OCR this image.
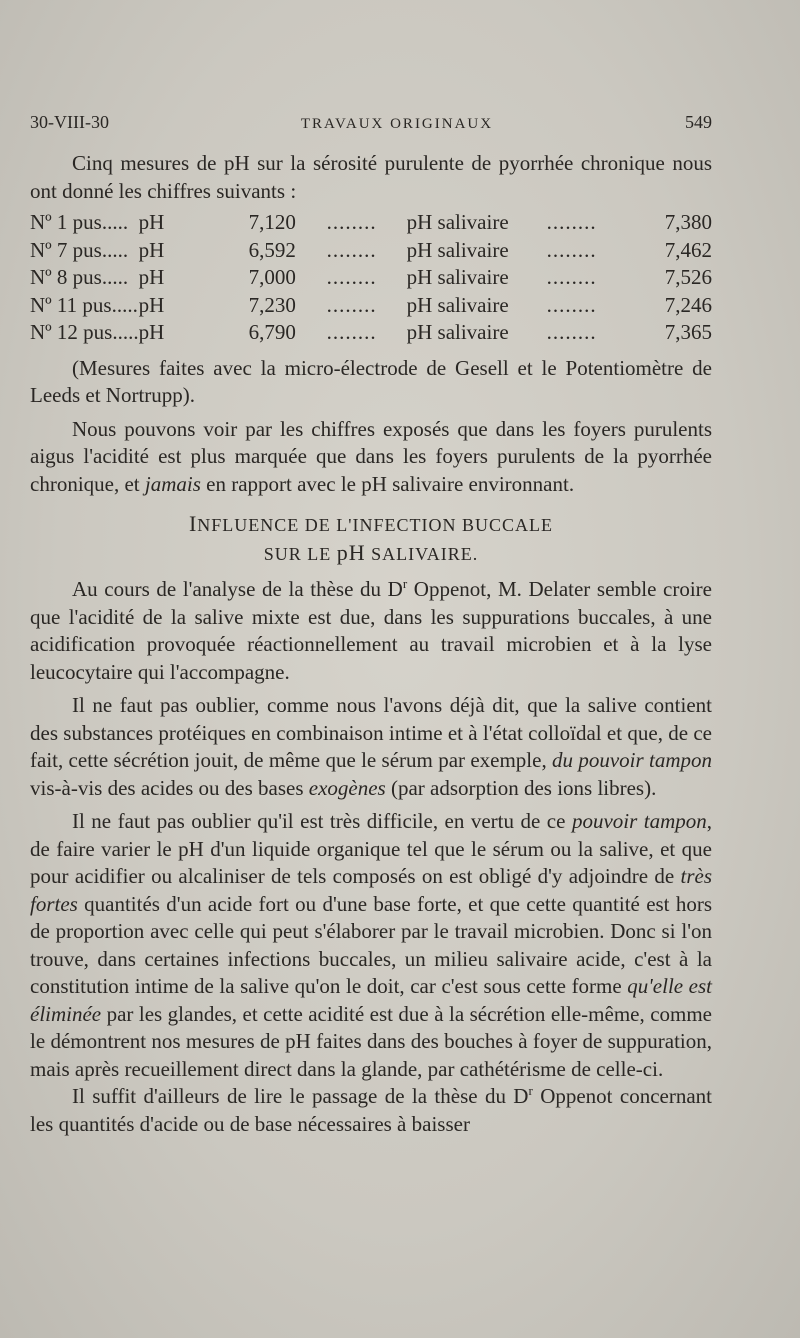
30-VIII-30	TRAVAUX ORIGINAUX	549

Cinq mesures de pH sur la sérosité purulente de pyorrhée chronique nous ont donné les chiffres suivants :

Nº 1 pus.....	pH	7,120	........	pH salivaire	........	7,380
Nº 7 pus.....	pH	6,592	........	pH salivaire	........	7,462
Nº 8 pus.....	pH	7,000	........	pH salivaire	........	7,526
Nº 11 pus.....	pH	7,230	........	pH salivaire	........	7,246
Nº 12 pus.....	pH	6,790	........	pH salivaire	........	7,365

(Mesures faites avec la micro-électrode de Gesell et le Potentiomètre de Leeds et Nortrupp).

Nous pouvons voir par les chiffres exposés que dans les foyers purulents aigus l'acidité est plus marquée que dans les foyers purulents de la pyorrhée chronique, et jamais en rapport avec le pH salivaire environnant.

INFLUENCE DE L'INFECTION BUCCALE
SUR LE pH SALIVAIRE.

Au cours de l'analyse de la thèse du $D^r$ Oppenot, M. Delater semble croire que l'acidité de la salive mixte est due, dans les suppurations buccales, à une acidification provoquée réactionnellement au travail microbien et à la lyse leucocytaire qui l'accompagne.

Il ne faut pas oublier, comme nous l'avons déjà dit, que la salive contient des substances protéiques en combinaison intime et à l'état colloïdal et que, de ce fait, cette sécrétion jouit, de même que le sérum par exemple, du pouvoir tampon vis-à-vis des acides ou des bases exogènes (par adsorption des ions libres).

Il ne faut pas oublier qu'il est très difficile, en vertu de ce pouvoir tampon, de faire varier le pH d'un liquide organique tel que le sérum ou la salive, et que pour acidifier ou alcaliniser de tels composés on est obligé d'y adjoindre de très fortes quantités d'un acide fort ou d'une base forte, et que cette quantité est hors de proportion avec celle qui peut s'élaborer par le travail microbien. Donc si l'on trouve, dans certaines infections buccales, un milieu salivaire acide, c'est à la constitution intime de la salive qu'on le doit, car c'est sous cette forme qu'elle est éliminée par les glandes, et cette acidité est due à la sécrétion elle-même, comme le démontrent nos mesures de pH faites dans des bouches à foyer de suppuration, mais après recueillement direct dans la glande, par cathétérisme de celle-ci.

Il suffit d'ailleurs de lire le passage de la thèse du $D^r$ Oppenot concernant les quantités d'acide ou de base nécessaires à baisser
